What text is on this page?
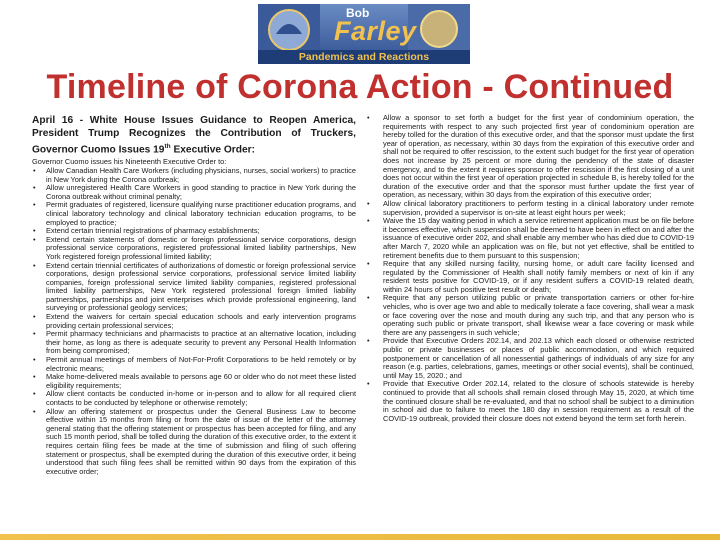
Bob
Farley
Pandemics and Reactions
Timeline of Corona Action - Continued

April 16 - White House Issues Guidance to Reopen America, President Trump Recognizes the Contribution of Truckers, Governor Cuomo Issues 19th Executive Order:

Governor Cuomo issues his Nineteenth Executive Order to:

• Allow Canadian Health Care Workers (including physicians, nurses, social workers) to practice in New York during the Corona outbreak;
• Allow unregistered Health Care Workers in good standing to practice in New York during the Corona outbreak without criminal penalty;
• Permit graduates of registered, licensure qualifying nurse practitioner education programs, and clinical laboratory technology and clinical laboratory technician education programs, to be employed to practice;
• Extend certain triennial registrations of pharmacy establishments;
• Extend certain statements of domestic or foreign professional service corporations, design professional service corporations, registered professional limited liability partnerships, New York registered foreign professional limited liability;
• Extend certain triennial certificates of authorizations of domestic or foreign professional service corporations, design professional service corporations, professional service limited liability companies, foreign professional service limited liability companies, registered professional limited liability partnerships, New York registered professional foreign limited liability partnerships, partnerships and joint enterprises which provide professional engineering, land surveying or professional geology services;
• Extend the waivers for certain special education schools and early intervention programs providing certain professional services;
• Permit pharmacy technicians and pharmacists to practice at an alternative location, including their home, as long as there is adequate security to prevent any Personal Health Information from being compromised;
• Permit annual meetings of members of Not-For-Profit Corporations to be held remotely or by electronic means;
• Make home-delivered meals available to persons age 60 or older who do not meet these listed eligibility requirements;
• Allow client contacts be conducted in-home or in-person and to allow for all required client contacts to be conducted by telephone or otherwise remotely;
• Allow an offering statement or prospectus under the General Business Law to become effective within 15 months from filing or from the date of issue of the letter of the attorney general stating that the offering statement or prospectus has been accepted for filing, and any such 15 month period, shall be tolled during the duration of this executive order, to the extent it requires certain filing fees be made at the time of submission and filing of such offering statement or prospectus, shall be exempted during the duration of this executive order, it being understood that such filing fees shall be remitted within 90 days from the expiration of this executive order;
• Allow a sponsor to set forth a budget for the first year of condominium operation, the requirements with respect to any such projected first year of condominium operation are hereby tolled for the duration of this executive order, and that the sponsor must update the first year of operation, as necessary, within 30 days from the expiration of this executive order and shall not be required to offer rescission, to the extent such budget for the first year of operation does not increase by 25 percent or more during the pendency of the state of disaster emergency, and to the extent it requires sponsor to offer rescission if the first closing of a unit does not occur within the first year of operation projected in schedule B, is hereby tolled for the duration of the executive order and that the sponsor must further update the first year of operation, as necessary, within 30 days from the expiration of this executive order;
• Allow clinical laboratory practitioners to perform testing in a clinical laboratory under remote supervision, provided a supervisor is on-site at least eight hours per week;
• Waive the 15 day waiting period in which a service retirement application must be on file before it becomes effective, which suspension shall be deemed to have been in effect on and after the issuance of executive order 202, and shall enable any member who has died due to COVID-19 after March 7, 2020 while an application was on file, but not yet effective, shall be entitled to retirement benefits due to them pursuant to this suspension;
• Require that any skilled nursing facility, nursing home, or adult care facility licensed and regulated by the Commissioner of Health shall notify family members or next of kin if any resident tests positive for COVID-19, or if any resident suffers a COVID-19 related death, within 24 hours of such positive test result or death;
• Require that any person utilizing public or private transportation carriers or other for-hire vehicles, who is over age two and able to medically tolerate a face covering, shall wear a mask or face covering over the nose and mouth during any such trip, and that any person who is operating such public or private transport, shall likewise wear a face covering or mask while there are any passengers in such vehicle;
• Provide that Executive Orders 202.14, and 202.13 which each closed or otherwise restricted public or private businesses or places of public accommodation, and which required postponement or cancellation of all nonessential gatherings of individuals of any size for any reason (e.g. parties, celebrations, games, meetings or other social events), shall be continued, until May 15, 2020.; and
• Provide that Executive Order 202.14, related to the closure of schools statewide is hereby continued to provide that all schools shall remain closed through May 15, 2020, at which time the continued closure shall be re-evaluated, and that no school shall be subject to a diminution in school aid due to failure to meet the 180 day in session requirement as a result of the COVID-19 outbreak, provided their closure does not extend beyond the term set forth herein.
